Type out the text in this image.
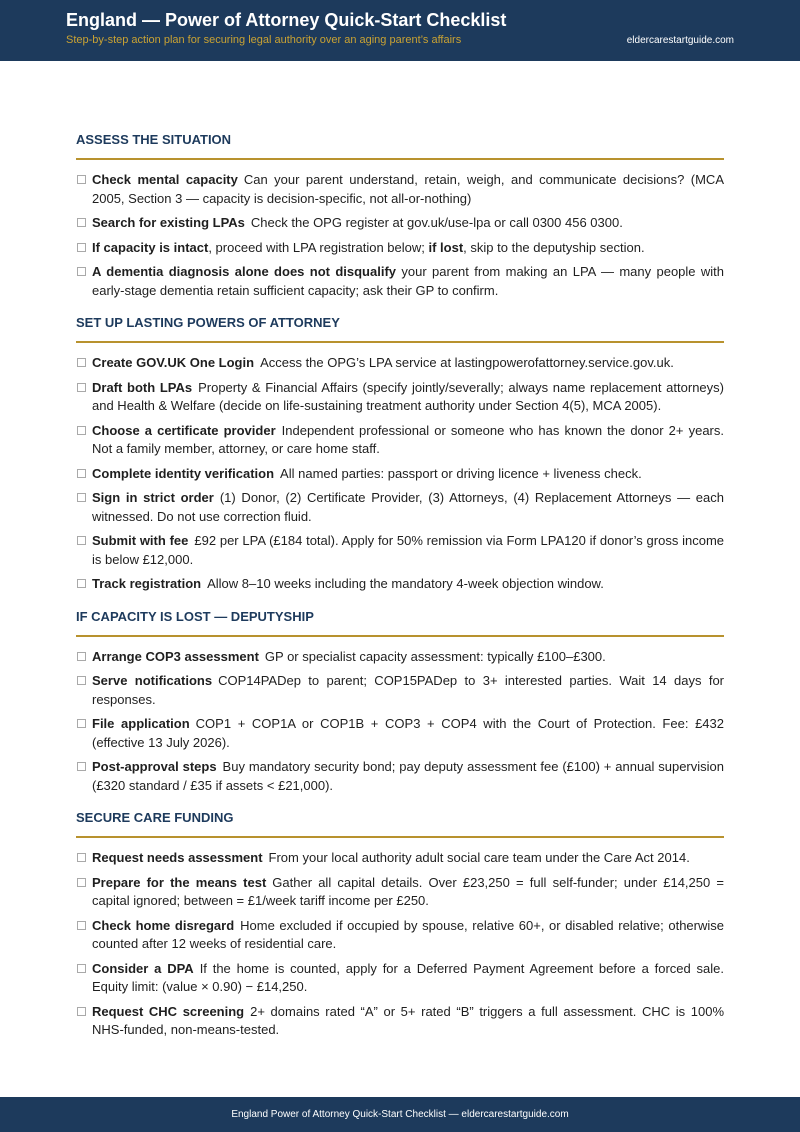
England — Power of Attorney Quick-Start Checklist
Step-by-step action plan for securing legal authority over an aging parent’s affairs	eldercarestartguide.com
ASSESS THE SITUATION
Check mental capacity Can your parent understand, retain, weigh, and communicate decisions? (MCA 2005, Section 3 — capacity is decision-specific, not all-or-nothing)
Search for existing LPAs Check the OPG register at gov.uk/use-lpa or call 0300 456 0300.
If capacity is intact, proceed with LPA registration below; if lost, skip to the deputyship section.
A dementia diagnosis alone does not disqualify your parent from making an LPA — many people with early-stage dementia retain sufficient capacity; ask their GP to confirm.
SET UP LASTING POWERS OF ATTORNEY
Create GOV.UK One Login Access the OPG’s LPA service at lastingpowerofattorney.service.gov.uk.
Draft both LPAs Property & Financial Affairs (specify jointly/severally; always name replacement attorneys) and Health & Welfare (decide on life-sustaining treatment authority under Section 4(5), MCA 2005).
Choose a certificate provider Independent professional or someone who has known the donor 2+ years. Not a family member, attorney, or care home staff.
Complete identity verification All named parties: passport or driving licence + liveness check.
Sign in strict order (1) Donor, (2) Certificate Provider, (3) Attorneys, (4) Replacement Attorneys — each witnessed. Do not use correction fluid.
Submit with fee £92 per LPA (£184 total). Apply for 50% remission via Form LPA120 if donor’s gross income is below £12,000.
Track registration Allow 8–10 weeks including the mandatory 4-week objection window.
IF CAPACITY IS LOST — DEPUTYSHIP
Arrange COP3 assessment GP or specialist capacity assessment: typically £100–£300.
Serve notifications COP14PADep to parent; COP15PADep to 3+ interested parties. Wait 14 days for responses.
File application COP1 + COP1A or COP1B + COP3 + COP4 with the Court of Protection. Fee: £432 (effective 13 July 2026).
Post-approval steps Buy mandatory security bond; pay deputy assessment fee (£100) + annual supervision (£320 standard / £35 if assets < £21,000).
SECURE CARE FUNDING
Request needs assessment From your local authority adult social care team under the Care Act 2014.
Prepare for the means test Gather all capital details. Over £23,250 = full self-funder; under £14,250 = capital ignored; between = £1/week tariff income per £250.
Check home disregard Home excluded if occupied by spouse, relative 60+, or disabled relative; otherwise counted after 12 weeks of residential care.
Consider a DPA If the home is counted, apply for a Deferred Payment Agreement before a forced sale. Equity limit: (value × 0.90) − £14,250.
Request CHC screening 2+ domains rated “A” or 5+ rated “B” triggers a full assessment. CHC is 100% NHS-funded, non-means-tested.
England Power of Attorney Quick-Start Checklist — eldercarestartguide.com
